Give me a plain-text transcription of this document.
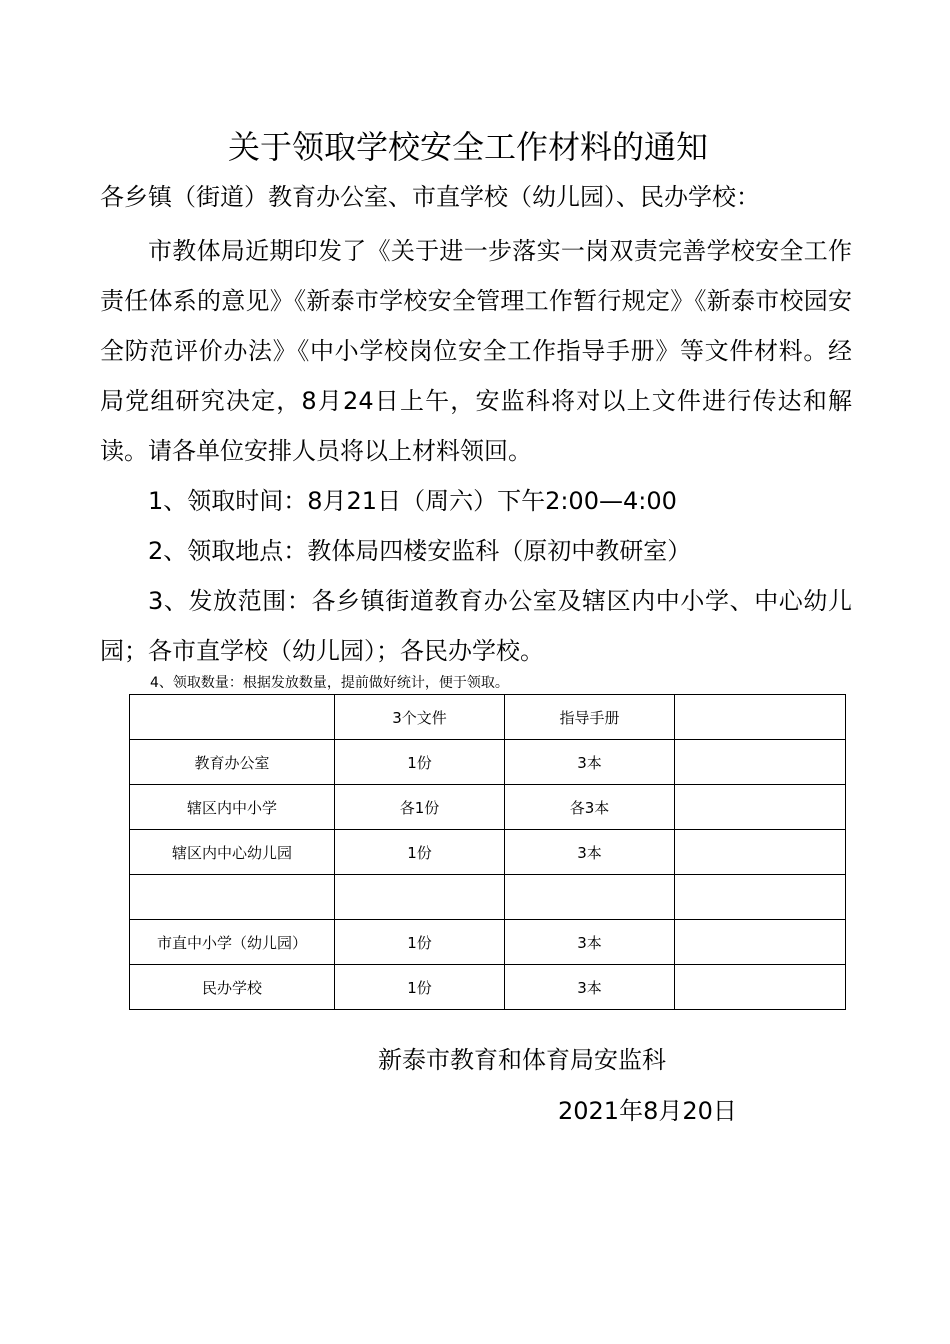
关于领取学校安全工作材料的通知
各乡镇（街道）教育办公室、市直学校（幼儿园）、民办学校：

市教体局近期印发了《关于进一步落实一岗双责完善学校安全工作责任体系的意见》《新泰市学校安全管理工作暂行规定》《新泰市校园安全防范评价办法》《中小学校岗位安全工作指导手册》等文件材料。经局党组研究决定，8月24日上午，安监科将对以上文件进行传达和解读。请各单位安排人员将以上材料领回。

1、领取时间：8月21日（周六）下午2:00—4:00

2、领取地点：教体局四楼安监科（原初中教研室）

3、发放范围：各乡镇街道教育办公室及辖区内中小学、中心幼儿园；各市直学校（幼儿园）；各民办学校。

4、领取数量：根据发放数量，提前做好统计，便于领取。
	3个文件	指导手册	
教育办公室	1份	3本	
辖区内中小学	各1份	各3本	
辖区内中心幼儿园	1份	3本	

市直中小学（幼儿园）	1份	3本	
民办学校	1份	3本	
新泰市教育和体育局安监科
2021年8月20日
